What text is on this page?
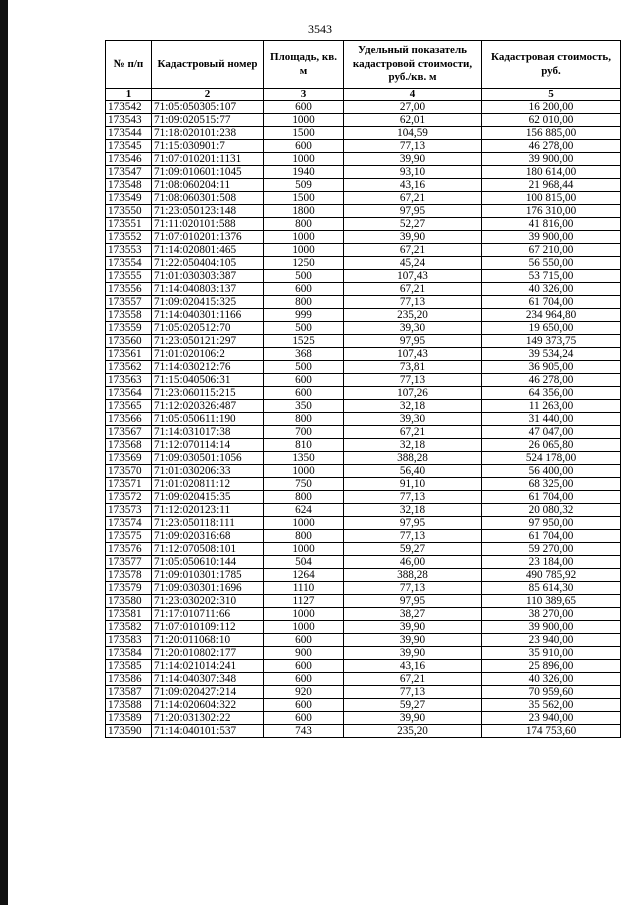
3543
№ п/п	Кадастровый номер	Площадь, кв. м	Удельный показатель кадастровой стоимости, руб./кв. м	Кадастровая стоимость, руб.
1	2	3	4	5
173542	71:05:050305:107	600	27,00	16 200,00
173543	71:09:020515:77	1000	62,01	62 010,00
173544	71:18:020101:238	1500	104,59	156 885,00
173545	71:15:030901:7	600	77,13	46 278,00
173546	71:07:010201:1131	1000	39,90	39 900,00
173547	71:09:010601:1045	1940	93,10	180 614,00
173548	71:08:060204:11	509	43,16	21 968,44
173549	71:08:060301:508	1500	67,21	100 815,00
173550	71:23:050123:148	1800	97,95	176 310,00
173551	71:11:020101:588	800	52,27	41 816,00
173552	71:07:010201:1376	1000	39,90	39 900,00
173553	71:14:020801:465	1000	67,21	67 210,00
173554	71:22:050404:105	1250	45,24	56 550,00
173555	71:01:030303:387	500	107,43	53 715,00
173556	71:14:040803:137	600	67,21	40 326,00
173557	71:09:020415:325	800	77,13	61 704,00
173558	71:14:040301:1166	999	235,20	234 964,80
173559	71:05:020512:70	500	39,30	19 650,00
173560	71:23:050121:297	1525	97,95	149 373,75
173561	71:01:020106:2	368	107,43	39 534,24
173562	71:14:030212:76	500	73,81	36 905,00
173563	71:15:040506:31	600	77,13	46 278,00
173564	71:23:060115:215	600	107,26	64 356,00
173565	71:12:020326:487	350	32,18	11 263,00
173566	71:05:050611:190	800	39,30	31 440,00
173567	71:14:031017:38	700	67,21	47 047,00
173568	71:12:070114:14	810	32,18	26 065,80
173569	71:09:030501:1056	1350	388,28	524 178,00
173570	71:01:030206:33	1000	56,40	56 400,00
173571	71:01:020811:12	750	91,10	68 325,00
173572	71:09:020415:35	800	77,13	61 704,00
173573	71:12:020123:11	624	32,18	20 080,32
173574	71:23:050118:111	1000	97,95	97 950,00
173575	71:09:020316:68	800	77,13	61 704,00
173576	71:12:070508:101	1000	59,27	59 270,00
173577	71:05:050610:144	504	46,00	23 184,00
173578	71:09:010301:1785	1264	388,28	490 785,92
173579	71:09:030301:1696	1110	77,13	85 614,30
173580	71:23:030202:310	1127	97,95	110 389,65
173581	71:17:010711:66	1000	38,27	38 270,00
173582	71:07:010109:112	1000	39,90	39 900,00
173583	71:20:011068:10	600	39,90	23 940,00
173584	71:20:010802:177	900	39,90	35 910,00
173585	71:14:021014:241	600	43,16	25 896,00
173586	71:14:040307:348	600	67,21	40 326,00
173587	71:09:020427:214	920	77,13	70 959,60
173588	71:14:020604:322	600	59,27	35 562,00
173589	71:20:031302:22	600	39,90	23 940,00
173590	71:14:040101:537	743	235,20	174 753,60
